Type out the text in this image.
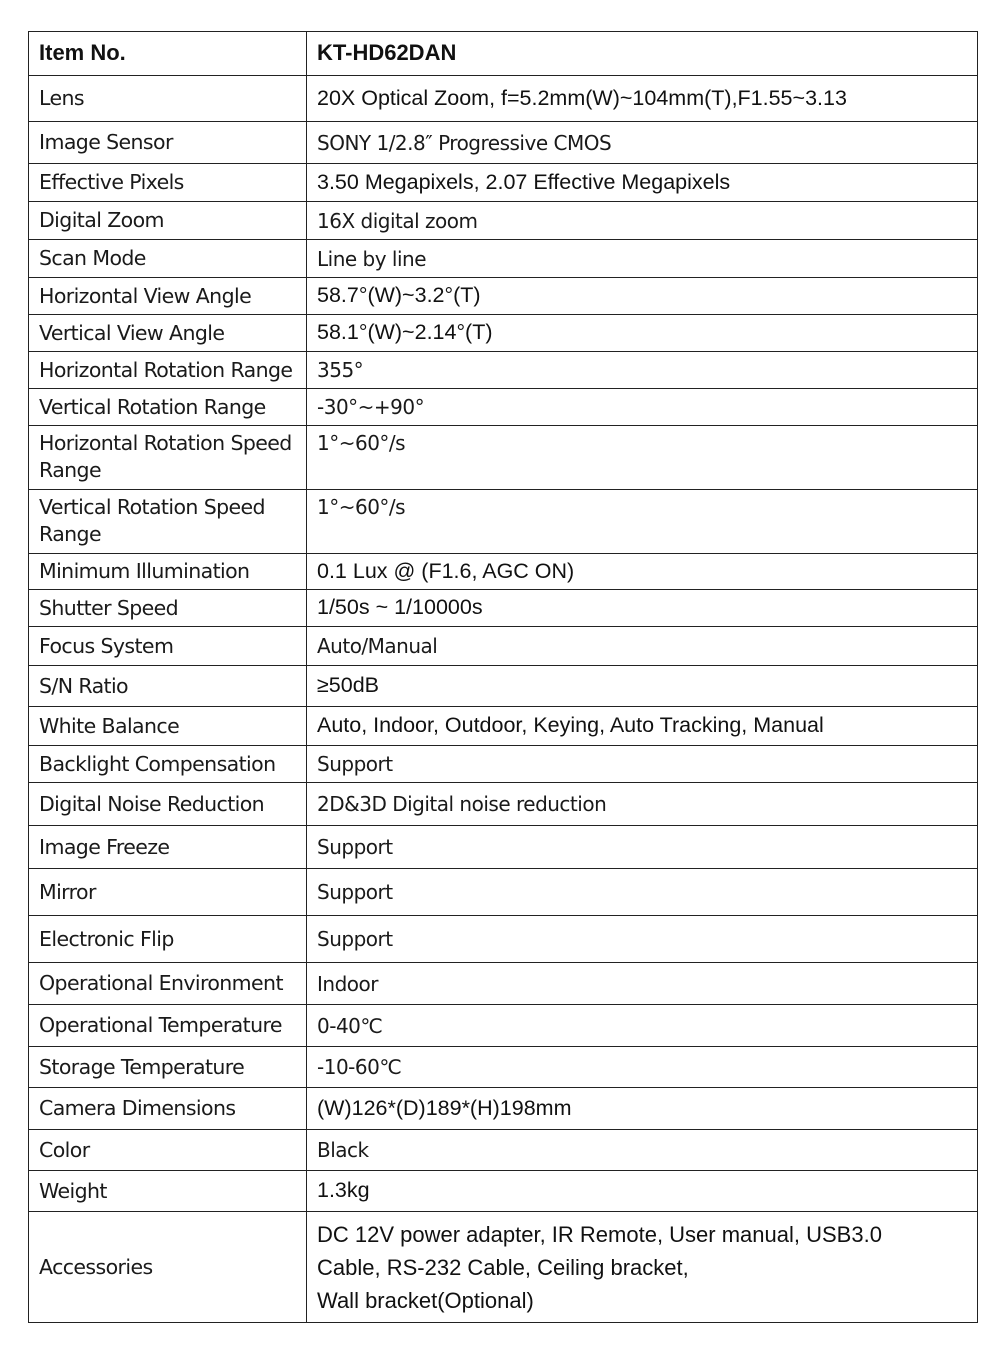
Item No.	KT-HD62DAN
Lens	20X Optical Zoom, f=5.2mm(W)~104mm(T),F1.55~3.13
Image Sensor	SONY 1/2.8″ Progressive CMOS
Effective Pixels	3.50 Megapixels, 2.07 Effective Megapixels
Digital Zoom	16X digital zoom
Scan Mode	Line by line
Horizontal View Angle	58.7°(W)~3.2°(T)
Vertical View Angle	58.1°(W)~2.14°(T)
Horizontal Rotation Range	355°
Vertical Rotation Range	-30°~+90°
Horizontal Rotation Speed Range	1°~60°/s
Vertical Rotation Speed Range	1°~60°/s
Minimum Illumination	0.1 Lux @ (F1.6, AGC ON)
Shutter Speed	1/50s ~ 1/10000s
Focus System	Auto/Manual
S/N Ratio	≥50dB
White Balance	Auto, Indoor, Outdoor, Keying, Auto Tracking, Manual
Backlight Compensation	Support
Digital Noise Reduction	2D&3D Digital noise reduction
Image Freeze	Support
Mirror	Support
Electronic Flip	Support
Operational Environment	Indoor
Operational Temperature	0-40℃
Storage Temperature	-10-60℃
Camera Dimensions	(W)126*(D)189*(H)198mm
Color	Black
Weight	1.3kg
Accessories	DC 12V power adapter, IR Remote, User manual, USB3.0
Cable, RS-232 Cable, Ceiling bracket,
Wall bracket(Optional)
